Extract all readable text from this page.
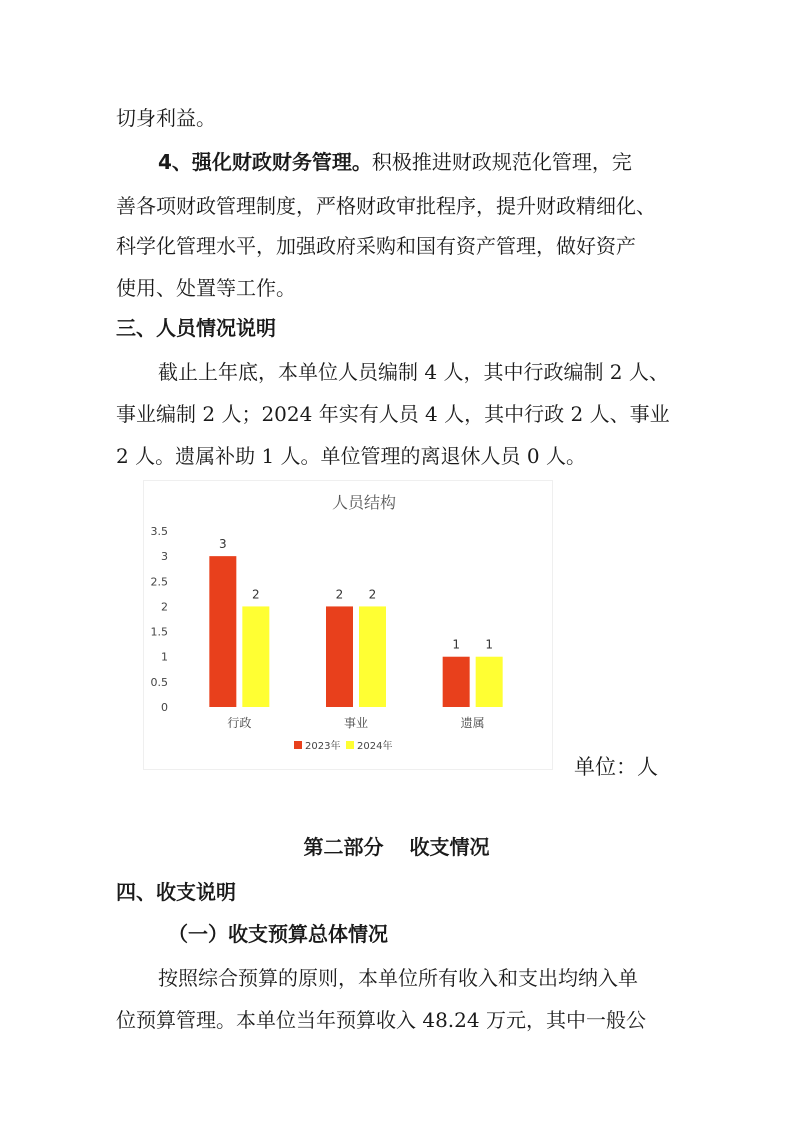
切身利益。

4、强化财政财务管理。积极推进财政规范化管理，完

善各项财政管理制度，严格财政审批程序，提升财政精细化、

科学化管理水平，加强政府采购和国有资产管理，做好资产

使用、处置等工作。

三、人员情况说明

截止上年底，本单位人员编制 4 人，其中行政编制 2 人、

事业编制 2 人；2024 年实有人员 4 人，其中行政 2 人、事业

2 人。遗属补助 1 人。单位管理的离退休人员 0 人。

人员结构
0
0.5
1
1.5
2
2.5
3
3.5
3
2
行政
2 2
事业
1 1
遗属
2023年 2024年
单位：人
第二部分 收支情况

四、收支说明

（一）收支预算总体情况

按照综合预算的原则，本单位所有收入和支出均纳入单

位预算管理。本单位当年预算收入 48.24 万元，其中一般公
